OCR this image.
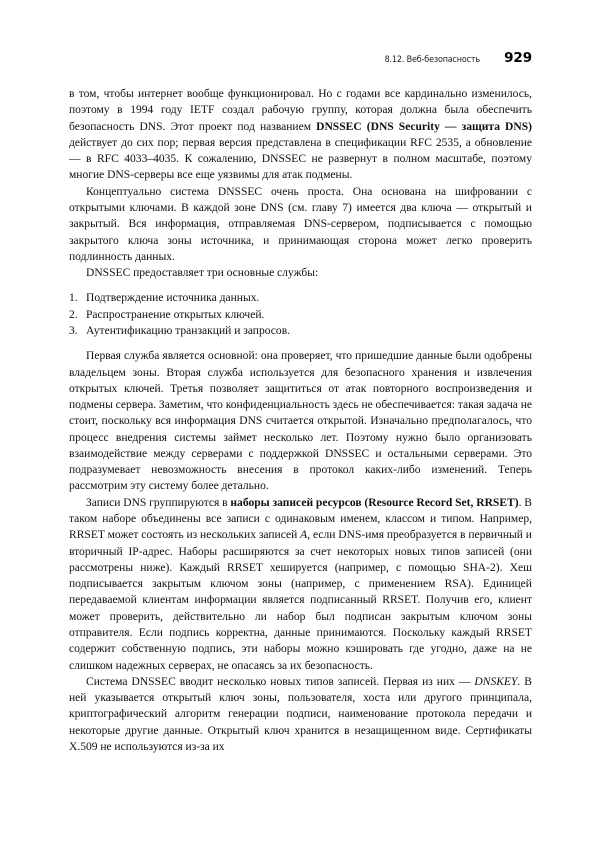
8.12. Веб-безопасность	929

в том, чтобы интернет вообще функционировал. Но с годами все кардинально изменилось, поэтому в 1994 году IETF создал рабочую группу, которая должна была обеспечить безопасность DNS. Этот проект под названием DNSSEC (DNS Security — защита DNS) действует до сих пор; первая версия представлена в спецификации RFC 2535, а обновление — в RFC 4033–4035. К сожалению, DNSSEC не развернут в полном масштабе, поэтому многие DNS-серверы все еще уязвимы для атак подмены.

Концептуально система DNSSEC очень проста. Она основана на шифровании с открытыми ключами. В каждой зоне DNS (см. главу 7) имеется два ключа — открытый и закрытый. Вся информация, отправляемая DNS-сервером, подписывается с помощью закрытого ключа зоны источника, и принимающая сторона может легко проверить подлинность данных.

DNSSEC предоставляет три основные службы:

1. Подтверждение источника данных.
2. Распространение открытых ключей.
3. Аутентификацию транзакций и запросов.

Первая служба является основной: она проверяет, что пришедшие данные были одобрены владельцем зоны. Вторая служба используется для безопасного хранения и извлечения открытых ключей. Третья позволяет защититься от атак повторного воспроизведения и подмены сервера. Заметим, что конфиденциальность здесь не обеспечивается: такая задача не стоит, поскольку вся информация DNS считается открытой. Изначально предполагалось, что процесс внедрения системы займет несколько лет. Поэтому нужно было организовать взаимодействие между серверами с поддержкой DNSSEC и остальными серверами. Это подразумевает невозможность внесения в протокол каких-либо изменений. Теперь рассмотрим эту систему более детально.

Записи DNS группируются в наборы записей ресурсов (Resource Record Set, RRSET). В таком наборе объединены все записи с одинаковым именем, классом и типом. Например, RRSET может состоять из нескольких записей A, если DNS-имя преобразуется в первичный и вторичный IP-адрес. Наборы расширяются за счет некоторых новых типов записей (они рассмотрены ниже). Каждый RRSET хешируется (например, с помощью SHA-2). Хеш подписывается закрытым ключом зоны (например, с применением RSA). Единицей передаваемой клиентам информации является подписанный RRSET. Получив его, клиент может проверить, действительно ли набор был подписан закрытым ключом зоны отправителя. Если подпись корректна, данные принимаются. Поскольку каждый RRSET содержит собственную подпись, эти наборы можно кэшировать где угодно, даже на не слишком надежных серверах, не опасаясь за их безопасность.

Система DNSSEC вводит несколько новых типов записей. Первая из них — DNSKEY. В ней указывается открытый ключ зоны, пользователя, хоста или другого принципала, криптографический алгоритм генерации подписи, наименование протокола передачи и некоторые другие данные. Открытый ключ хранится в незащищенном виде. Сертификаты X.509 не используются из-за их
